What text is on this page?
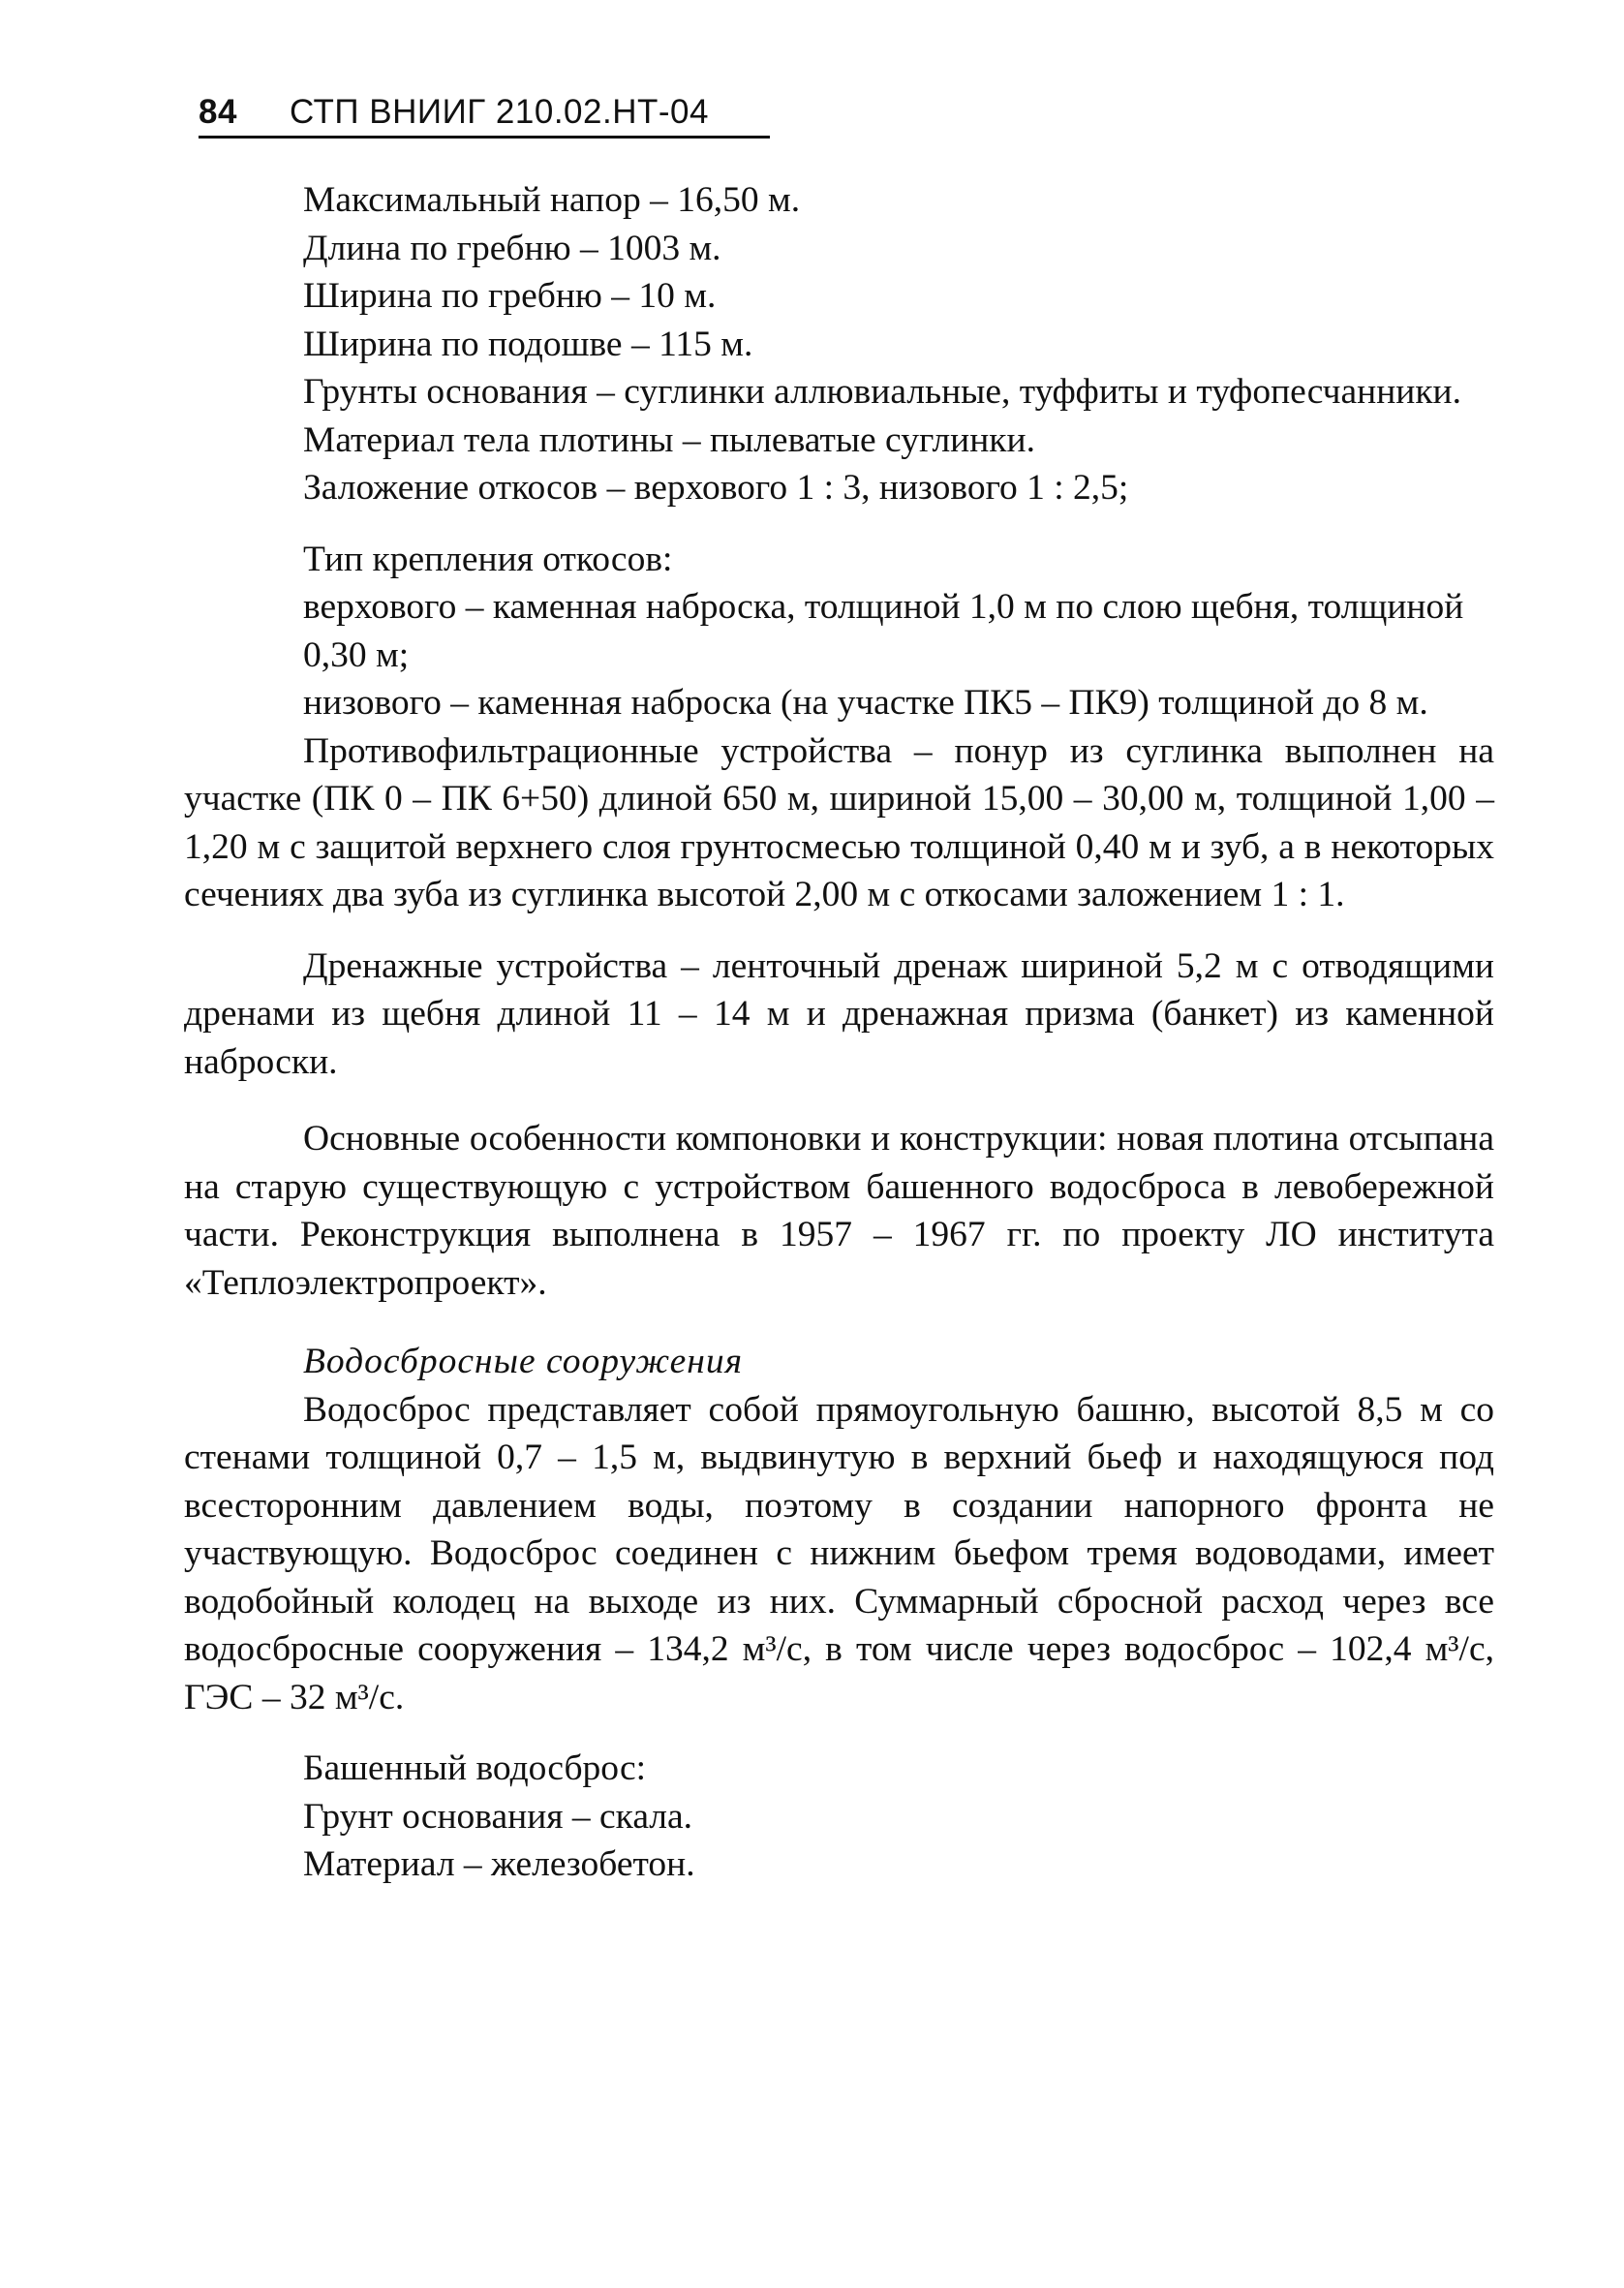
84 СТП ВНИИГ 210.02.НТ-04

Максимальный напор – 16,50 м.

Длина по гребню – 1003 м.

Ширина по гребню – 10 м.

Ширина по подошве – 115 м.

Грунты основания – суглинки аллювиальные, туффиты и туфопесчанники.

Материал тела плотины – пылеватые суглинки.

Заложение откосов – верхового 1 : 3, низового 1 : 2,5;

Тип крепления откосов:

верхового – каменная наброска, толщиной 1,0 м по слою щебня, толщиной 0,30 м;

низового – каменная наброска (на участке ПК5 – ПК9) толщиной до 8 м.

Противофильтрационные устройства – понур из суглинка выполнен на участке (ПК 0 – ПК 6+50) длиной 650 м, шириной 15,00 – 30,00 м, толщиной 1,00 – 1,20 м с защитой верхнего слоя грунтосмесью толщиной 0,40 м и зуб, а в некоторых сечениях два зуба из суглинка высотой 2,00 м с откосами заложением 1 : 1.

Дренажные устройства – ленточный дренаж шириной 5,2 м с отводящими дренами из щебня длиной 11 – 14 м и дренажная призма (банкет) из каменной наброски.

Основные особенности компоновки и конструкции: новая плотина отсыпана на старую существующую с устройством башенного водосброса в левобережной части. Реконструкция выполнена в 1957 – 1967 гг. по проекту ЛО института «Теплоэлектропроект».

Водосбросные сооружения

Водосброс представляет собой прямоугольную башню, высотой 8,5 м со стенами толщиной 0,7 – 1,5 м, выдвинутую в верхний бьеф и находящуюся под всесторонним давлением воды, поэтому в создании напорного фронта не участвующую. Водосброс соединен с нижним бьефом тремя водоводами, имеет водобойный колодец на выходе из них. Суммарный сбросной расход через все водосбросные сооружения – 134,2 м³/с, в том числе через водосброс – 102,4 м³/с, ГЭС – 32 м³/с.

Башенный водосброс:

Грунт основания – скала.

Материал – железобетон.
